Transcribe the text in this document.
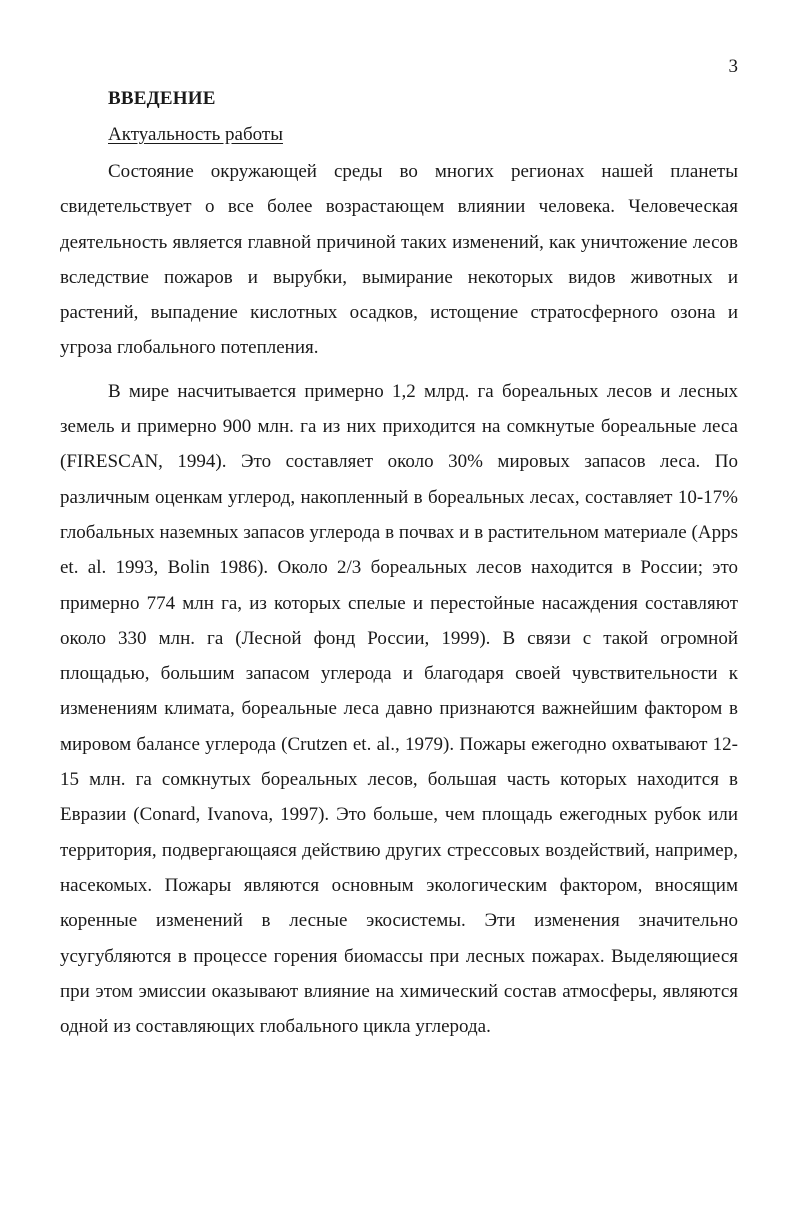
3
ВВЕДЕНИЕ
Актуальность работы

Состояние окружающей среды во многих регионах нашей планеты свидетельствует о все более возрастающем влиянии человека. Человеческая деятельность является главной причиной таких изменений, как уничтожение лесов вследствие пожаров и вырубки, вымирание некоторых видов животных и растений, выпадение кислотных осадков, истощение стратосферного озона и угроза глобального потепления.

В мире насчитывается примерно 1,2 млрд. га бореальных лесов и лесных земель и примерно 900 млн. га из них приходится на сомкнутые бореальные леса (FIRESCAN, 1994). Это составляет около 30% мировых запасов леса. По различным оценкам углерод, накопленный в бореальных лесах, составляет 10-17% глобальных наземных запасов углерода в почвах и в растительном материале (Apps et. al. 1993, Bolin 1986). Около 2/3 бореальных лесов находится в России; это примерно 774 млн га, из которых спелые и перестойные насаждения составляют около 330 млн. га (Лесной фонд России, 1999). В связи с такой огромной площадью, большим запасом углерода и благодаря своей чувствительности к изменениям климата, бореальные леса давно признаются важнейшим фактором в мировом балансе углерода (Crutzen et. al., 1979). Пожары ежегодно охватывают 12-15 млн. га сомкнутых бореальных лесов, большая часть которых находится в Евразии (Conard, Ivanova, 1997). Это больше, чем площадь ежегодных рубок или территория, подвергающаяся действию других стрессовых воздействий, например, насекомых. Пожары являются основным экологическим фактором, вносящим коренные изменений в лесные экосистемы. Эти изменения значительно усугубляются в процессе горения биомассы при лесных пожарах. Выделяющиеся при этом эмиссии оказывают влияние на химический состав атмосферы, являются одной из составляющих глобального цикла углерода.
